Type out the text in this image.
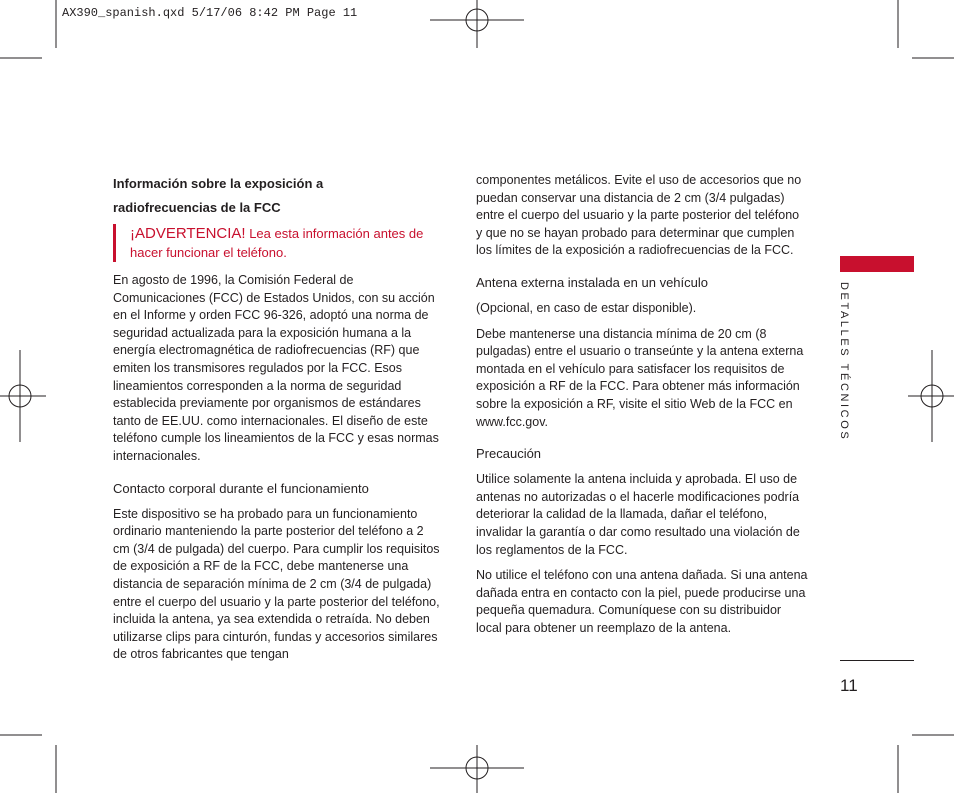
AX390_spanish.qxd 5/17/06 8:42 PM Page 11
Información sobre la exposición a
radiofrecuencias de la FCC
¡ADVERTENCIA! Lea esta información antes de hacer funcionar el teléfono.

En agosto de 1996, la Comisión Federal de Comunicaciones (FCC) de Estados Unidos, con su acción en el Informe y orden FCC 96-326, adoptó una norma de seguridad actualizada para la exposición humana a la energía electromagnética de radiofrecuencias (RF) que emiten los transmisores regulados por la FCC. Esos lineamientos corresponden a la norma de seguridad establecida previamente por organismos de estándares tanto de EE.UU. como internacionales. El diseño de este teléfono cumple los lineamientos de la FCC y esas normas internacionales.

Contacto corporal durante el funcionamiento

Este dispositivo se ha probado para un funcionamiento ordinario manteniendo la parte posterior del teléfono a 2 cm (3/4 de pulgada) del cuerpo. Para cumplir los requisitos de exposición a RF de la FCC, debe mantenerse una distancia de separación mínima de 2 cm (3/4 de pulgada) entre el cuerpo del usuario y la parte posterior del teléfono, incluida la antena, ya sea extendida o retraída. No deben utilizarse clips para cinturón, fundas y accesorios similares de otros fabricantes que tengan

componentes metálicos. Evite el uso de accesorios que no puedan conservar una distancia de 2 cm (3/4 pulgadas) entre el cuerpo del usuario y la parte posterior del teléfono y que no se hayan probado para determinar que cumplen los límites de la exposición a radiofrecuencias de la FCC.

Antena externa instalada en un vehículo

(Opcional, en caso de estar disponible).

Debe mantenerse una distancia mínima de 20 cm (8 pulgadas) entre el usuario o transeúnte y la antena externa montada en el vehículo para satisfacer los requisitos de exposición a RF de la FCC. Para obtener más información sobre la exposición a RF, visite el sitio Web de la FCC en www.fcc.gov.

Precaución

Utilice solamente la antena incluida y aprobada. El uso de antenas no autorizadas o el hacerle modificaciones podría deteriorar la calidad de la llamada, dañar el teléfono, invalidar la garantía o dar como resultado una violación de los reglamentos de la FCC.

No utilice el teléfono con una antena dañada. Si una antena dañada entra en contacto con la piel, puede producirse una pequeña quemadura. Comuníquese con su distribuidor local para obtener un reemplazo de la antena.

DETALLES TÉCNICOS
11
